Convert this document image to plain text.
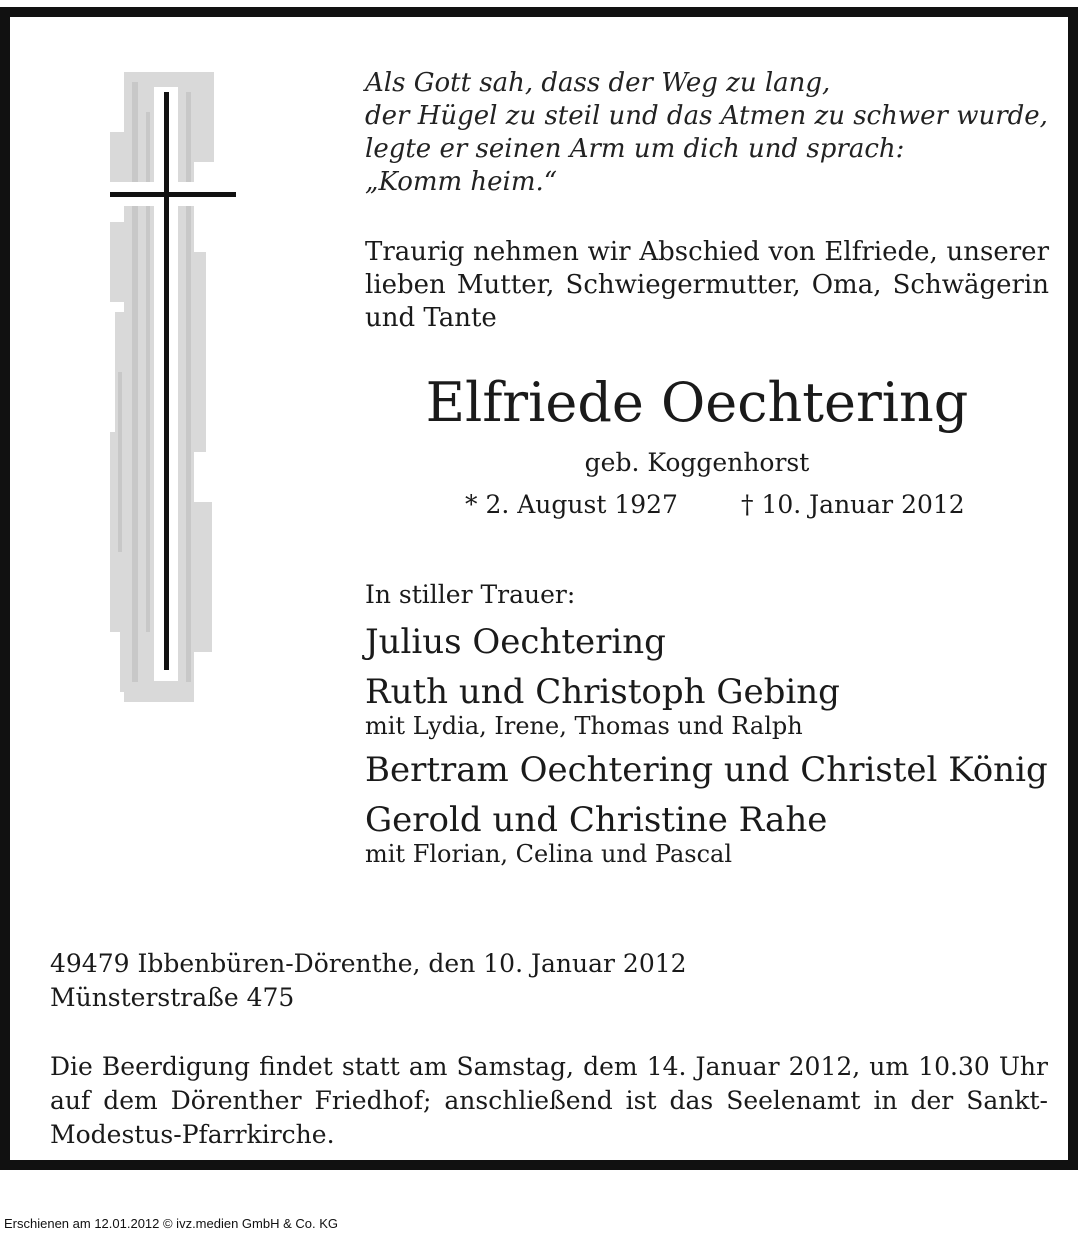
Als Gott sah, dass der Weg zu lang,
der Hügel zu steil und das Atmen zu schwer wurde,
legte er seinen Arm um dich und sprach:
„Komm heim.“
Traurig nehmen wir Abschied von Elfriede, unserer lieben Mutter, Schwiegermutter, Oma, Schwägerin und Tante
Elfriede Oechtering
geb. Koggenhorst
* 2. August 1927	† 10. Januar 2012
In stiller Trauer:
Julius Oechtering
Ruth und Christoph Gebing
mit Lydia, Irene, Thomas und Ralph
Bertram Oechtering und Christel König
Gerold und Christine Rahe
mit Florian, Celina und Pascal
49479 Ibbenbüren-Dörenthe, den 10. Januar 2012
Münsterstraße 475
Die Beerdigung findet statt am Samstag, dem 14. Januar 2012, um 10.30 Uhr auf dem Dörenther Friedhof; anschließend ist das Seelenamt in der Sankt-Modestus-Pfarrkirche.
Erschienen am 12.01.2012 © ivz.medien GmbH & Co. KG
